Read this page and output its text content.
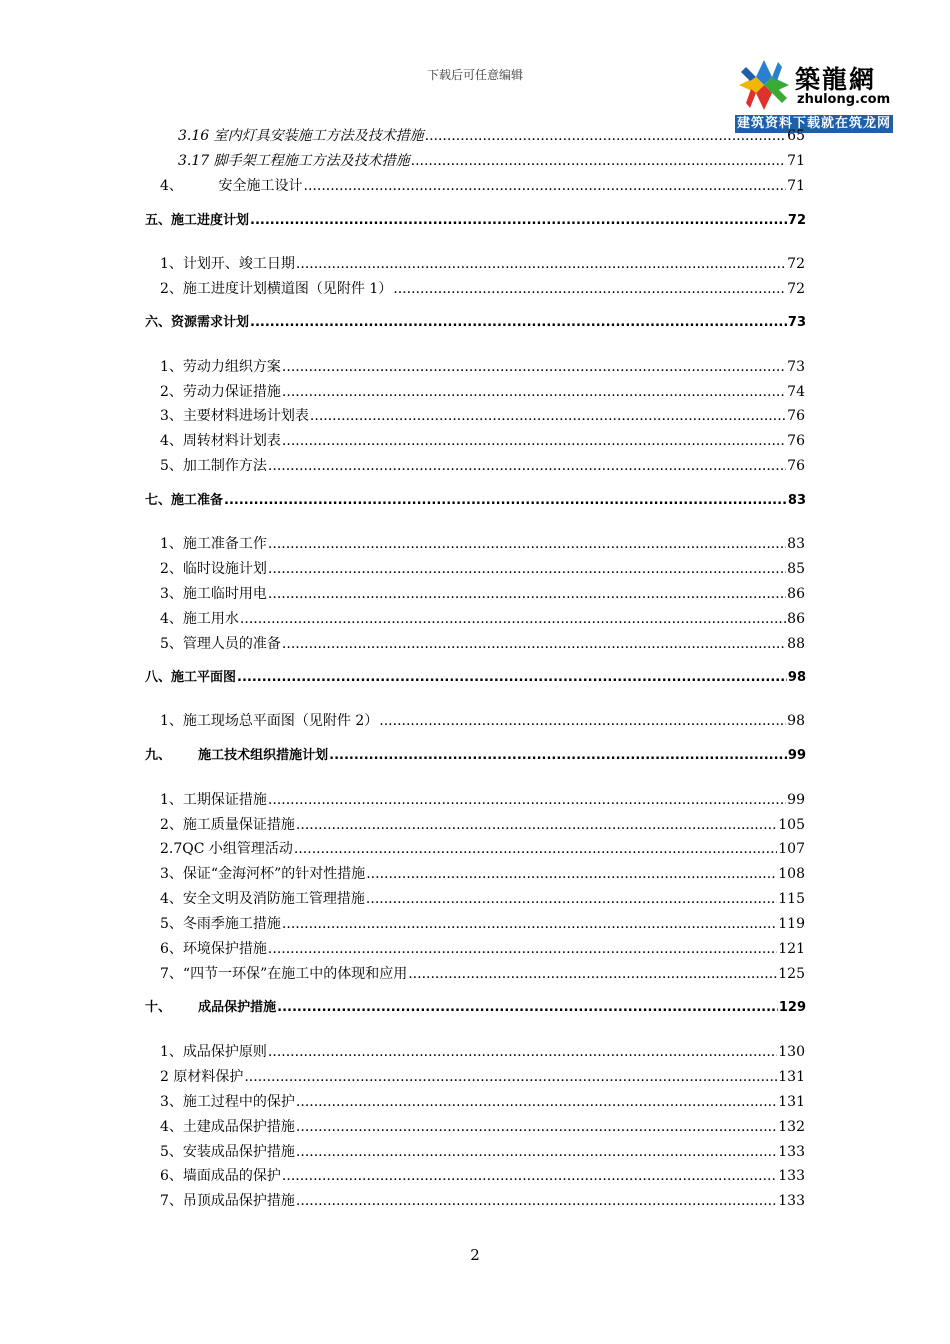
下载后可任意编辑	築龍網
zhulong.com
建筑资料下载就在筑龙网
3.16 室内灯具安装施工方法及技术措施 .....	65
3.17 脚手架工程施工方法及技术措施 .....	71
4、        安全施工设计 .....	71
五、施工进度计划 .....	72
1、计划开、竣工日期 .....	72
2、施工进度计划横道图（见附件 1） .....	72
六、资源需求计划 .....	73
1、劳动力组织方案 .....	73
2、劳动力保证措施 .....	74
3、主要材料进场计划表 .....	76
4、周转材料计划表 .....	76
5、加工制作方法 .....	76
七、施工准备 .....	83
1、施工准备工作 .....	83
2、临时设施计划 .....	85
3、施工临时用电 .....	86
4、施工用水 .....	86
5、管理人员的准备 .....	88
八、施工平面图 .....	98
1、施工现场总平面图（见附件 2） .....	98
九、      施工技术组织措施计划 .....	99
1、工期保证措施 .....	99
2、施工质量保证措施 .....	105
2.7QC 小组管理活动 .....	107
3、保证“金海河杯”的针对性措施 .....	108
4、安全文明及消防施工管理措施 .....	115
5、冬雨季施工措施 .....	119
6、环境保护措施 .....	121
7、“四节一环保”在施工中的体现和应用 .....	125
十、      成品保护措施 .....	129
1、成品保护原则 .....	130
2 原材料保护 .....	131
3、施工过程中的保护 .....	131
4、土建成品保护措施 .....	132
5、安装成品保护措施 .....	133
6、墙面成品的保护 .....	133
7、吊顶成品保护措施 .....	133
2
